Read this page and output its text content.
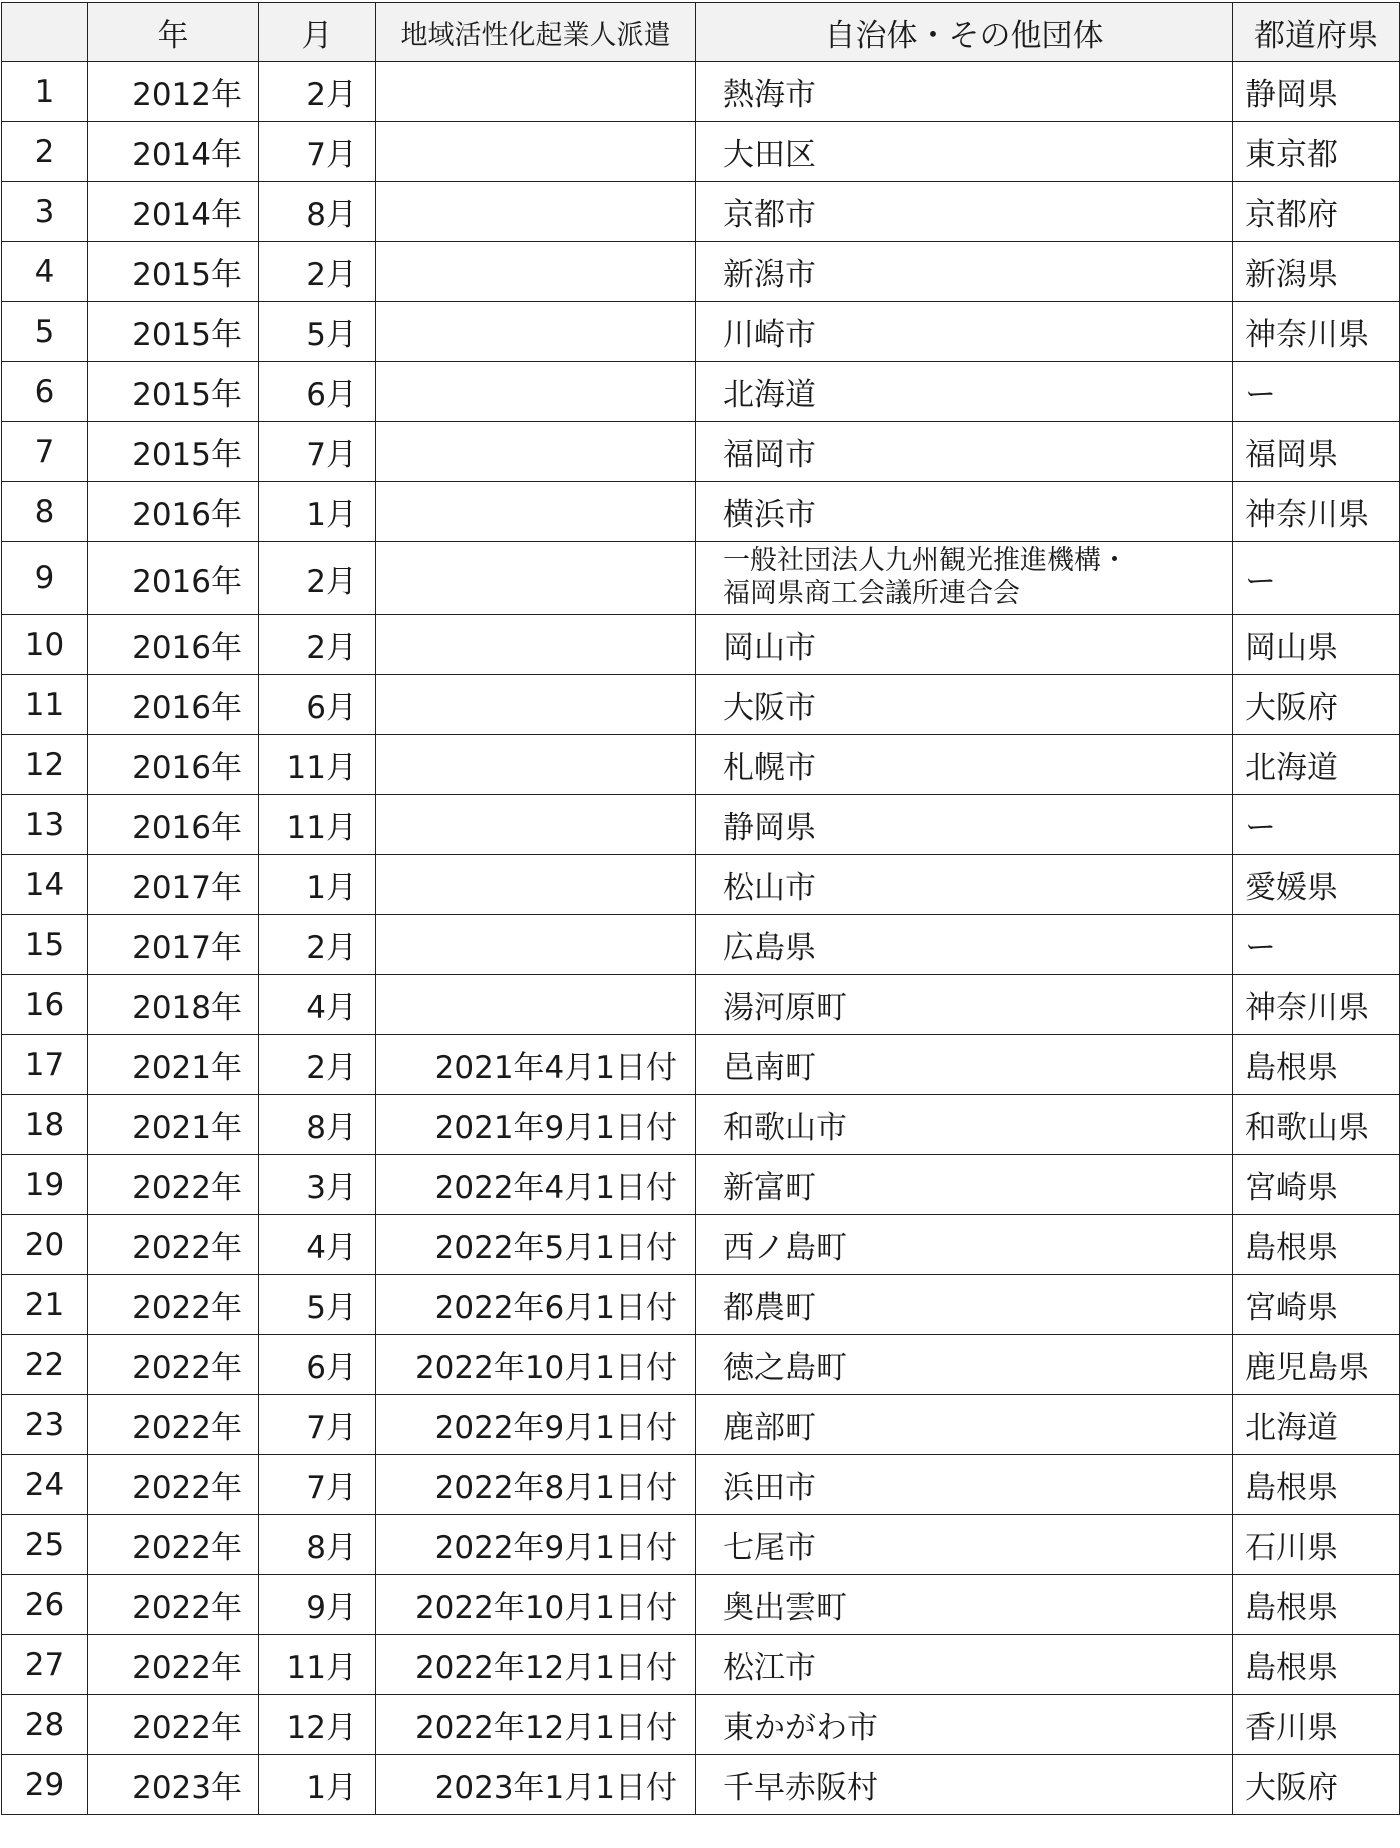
	年	月	地域活性化起業人派遣	自治体・その他団体	都道府県
1	2012年	2月		熱海市	静岡県
2	2014年	7月		大田区	東京都
3	2014年	8月		京都市	京都府
4	2015年	2月		新潟市	新潟県
5	2015年	5月		川崎市	神奈川県
6	2015年	6月		北海道	ー
7	2015年	7月		福岡市	福岡県
8	2016年	1月		横浜市	神奈川県
9	2016年	2月		一般社団法人九州観光推進機構・
福岡県商工会議所連合会	ー
10	2016年	2月		岡山市	岡山県
11	2016年	6月		大阪市	大阪府
12	2016年	11月		札幌市	北海道
13	2016年	11月		静岡県	ー
14	2017年	1月		松山市	愛媛県
15	2017年	2月		広島県	ー
16	2018年	4月		湯河原町	神奈川県
17	2021年	2月	2021年4月1日付	邑南町	島根県
18	2021年	8月	2021年9月1日付	和歌山市	和歌山県
19	2022年	3月	2022年4月1日付	新富町	宮崎県
20	2022年	4月	2022年5月1日付	西ノ島町	島根県
21	2022年	5月	2022年6月1日付	都農町	宮崎県
22	2022年	6月	2022年10月1日付	徳之島町	鹿児島県
23	2022年	7月	2022年9月1日付	鹿部町	北海道
24	2022年	7月	2022年8月1日付	浜田市	島根県
25	2022年	8月	2022年9月1日付	七尾市	石川県
26	2022年	9月	2022年10月1日付	奥出雲町	島根県
27	2022年	11月	2022年12月1日付	松江市	島根県
28	2022年	12月	2022年12月1日付	東かがわ市	香川県
29	2023年	1月	2023年1月1日付	千早赤阪村	大阪府
